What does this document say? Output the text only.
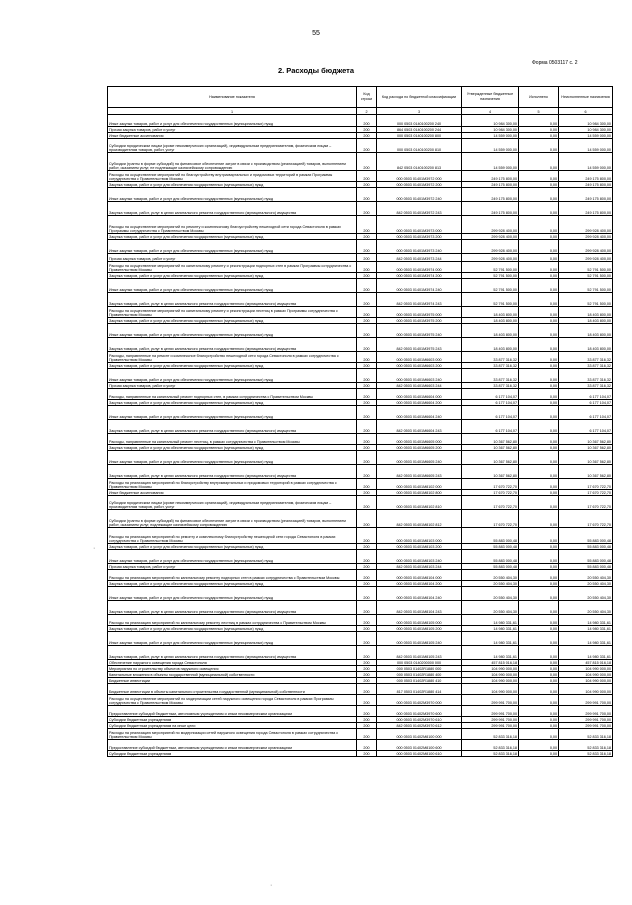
55
Форма 0503117 с. 2
2. Расходы бюджета
·
·
Наименование показателя	Код строки	Код расхода по бюджетной классификации	Утвержденные бюджетные назначения	Исполнено	Неисполненные назначения
1	2	3	4	5	6
Иные закупки товаров, работ и услуг для обеспечения государственных (муниципальных) нужд	200	000 0503 0140100200 240	10 984 300,00	0,00	10 984 300,00
Прочая закупка товаров, работ и услуг	200	864 0503 0140100200 244	10 984 300,00	0,00	10 984 300,00
Иные бюджетные ассигнования	200	000 0503 0140100200 800	14 559 000,00	0,00	14 559 000,00
Субсидии юридическим лицам (кроме некоммерческих организаций), индивидуальным предпринимателям, физическим лицам – производителям товаров, работ, услуг	200	000 0503 0140100200 810	14 559 000,00	0,00	14 559 000,00
Субсидии (гранты в форме субсидий) на финансовое обеспечение затрат в связи с производством (реализацией) товаров, выполнением работ, оказанием услуг, не подлежащие казначейскому сопровождению	200	842 0503 0140100200 813	14 559 000,00	0,00	14 559 000,00
Расходы на осуществление мероприятий по благоустройству внутриквартальных и придомовых территорий в рамках Программы сотрудничества с Правительством Москвы	200	000 0503 01401M3972 000	249 175 800,00	0,00	249 175 800,00
Закупка товаров, работ и услуг для обеспечения государственных (муниципальных) нужд	200	000 0503 01401M3972 200	249 175 800,00	0,00	249 175 800,00
Иные закупки товаров, работ и услуг для обеспечения государственных (муниципальных) нужд	200	000 0503 01401M3972 240	249 175 800,00	0,00	249 175 800,00
Закупка товаров, работ, услуг в целях капитального ремонта государственного (муниципального) имущества	200	842 0503 01401M3972 243	249 175 800,00	0,00	249 175 800,00
Расходы на осуществление мероприятий по ремонту и комплексному благоустройству пешеходной сети города Севастополя в рамках Программы сотрудничества с Правительством Москвы	200	000 0503 01401M3973 000	299 928 400,00	0,00	299 928 400,00
Закупка товаров, работ и услуг для обеспечения государственных (муниципальных) нужд	200	000 0503 01401M3973 200	299 928 400,00	0,00	299 928 400,00
Иные закупки товаров, работ и услуг для обеспечения государственных (муниципальных) нужд	200	000 0503 01401M3973 240	299 928 400,00	0,00	299 928 400,00
Прочая закупка товаров, работ и услуг	200	842 0503 01401M3973 244	299 928 400,00	0,00	299 928 400,00
Расходы на осуществление мероприятий по капитальному ремонту и реконструкции подпорных стен в рамках Программы сотрудничества с Правительством Москвы	200	000 0503 01401M3974 000	52 791 500,00	0,00	52 791 500,00
Закупка товаров, работ и услуг для обеспечения государственных (муниципальных) нужд	200	000 0503 01401M3974 200	52 791 500,00	0,00	52 791 500,00
Иные закупки товаров, работ и услуг для обеспечения государственных (муниципальных) нужд	200	000 0503 01401M3974 240	52 791 500,00	0,00	52 791 500,00
Закупка товаров, работ, услуг в целях капитального ремонта государственного (муниципального) имущества	200	842 0503 01401M3974 243	52 791 500,00	0,00	52 791 500,00
Расходы на осуществление мероприятий по капитальному ремонту и реконструкции лестниц в рамках Программы сотрудничества с Правительством Москвы	200	000 0503 01401M3975 000	18 403 800,00	0,00	18 403 800,00
Закупка товаров, работ и услуг для обеспечения государственных (муниципальных) нужд	200	000 0503 01401M3975 200	18 403 800,00	0,00	18 403 800,00
Иные закупки товаров, работ и услуг для обеспечения государственных (муниципальных) нужд	200	000 0503 01401M3975 240	18 403 800,00	0,00	18 403 800,00
Закупка товаров, работ, услуг в целях капитального ремонта государственного (муниципального) имущества	200	842 0503 01401M3975 243	18 403 800,00	0,00	18 403 800,00
Расходы, направленные на ремонт и комплексное благоустройство пешеходной сети города Севастополя в рамках сотрудничества с Правительством Москвы	200	000 0503 01401M6603 000	33 877 316,32	0,00	33 877 316,32
Закупка товаров, работ и услуг для обеспечения государственных (муниципальных) нужд	200	000 0503 01401M6603 200	33 877 316,32	0,00	33 877 316,32
Иные закупки товаров, работ и услуг для обеспечения государственных (муниципальных) нужд	200	000 0503 01401M6603 240	33 877 316,32	0,00	33 877 316,32
Прочая закупка товаров, работ и услуг	200	842 0503 01401M6603 244	33 877 316,32	0,00	33 877 316,32
Расходы, направленные на капитальный ремонт подпорных стен, в рамках сотрудничества с Правительством Москвы	200	000 0503 01401M6604 000	6 177 104,07	0,00	6 177 104,07
Закупка товаров, работ и услуг для обеспечения государственных (муниципальных) нужд	200	000 0503 01401M6604 200	6 177 104,07	0,00	6 177 104,07
Иные закупки товаров, работ и услуг для обеспечения государственных (муниципальных) нужд	200	000 0503 01401M6604 240	6 177 104,07	0,00	6 177 104,07
Закупка товаров, работ, услуг в целях капитального ремонта государственного (муниципального) имущества	200	842 0503 01401M6604 243	6 177 104,07	0,00	6 177 104,07
Расходы, направленные на капитальный ремонт лестниц, в рамках сотрудничества с Правительством Москвы	200	000 0503 01401M6605 000	10 367 562,80	0,00	10 367 562,80
Закупка товаров, работ и услуг для обеспечения государственных (муниципальных) нужд	200	000 0503 01401M6605 200	10 367 562,80	0,00	10 367 562,80
Иные закупки товаров, работ и услуг для обеспечения государственных (муниципальных) нужд	200	000 0503 01401M6605 240	10 367 562,80	0,00	10 367 562,80
Закупка товаров, работ, услуг в целях капитального ремонта государственного (муниципального) имущества	200	842 0503 01401M6605 243	10 367 562,80	0,00	10 367 562,80
Расходы на реализацию мероприятий по благоустройству внутриквартальных и придомовых территорий в рамках сотрудничества с Правительством Москвы	200	000 0503 01401M8102 000	17 670 722,70	0,00	17 670 722,70
Иные бюджетные ассигнования	200	000 0503 01401M8102 800	17 670 722,70	0,00	17 670 722,70
Субсидии юридическим лицам (кроме некоммерческих организаций), индивидуальным предпринимателям, физическим лицам – производителям товаров, работ, услуг	200	000 0503 01401M8102 810	17 670 722,70	0,00	17 670 722,70
Субсидии (гранты в форме субсидий) на финансовое обеспечение затрат в связи с производством (реализацией) товаров, выполнением работ, оказанием услуг, подлежащие казначейскому сопровождению	200	842 0503 01401M8102 812	17 670 722,70	0,00	17 670 722,70
Расходы на реализацию мероприятий по ремонту и комплексному благоустройству пешеходной сети города Севастополя в рамках сотрудничества с Правительством Москвы	200	000 0503 01401M8103 000	55 883 000,48	0,00	55 883 000,48
Закупка товаров, работ и услуг для обеспечения государственных (муниципальных) нужд	200	000 0503 01401M8103 200	55 883 000,48	0,00	55 883 000,48
Иные закупки товаров, работ и услуг для обеспечения государственных (муниципальных) нужд	200	000 0503 01401M8103 240	55 883 000,48	0,00	55 883 000,48
Прочая закупка товаров, работ и услуг	200	842 0503 01401M8103 244	55 883 000,48	0,00	55 883 000,48
Расходы на реализацию мероприятий по капитальному ремонту подпорных стен в рамках сотрудничества с Правительством Москвы	200	000 0503 01401M8104 000	20 550 404,30	0,00	20 550 404,30
Закупка товаров, работ и услуг для обеспечения государственных (муниципальных) нужд	200	000 0503 01401M8104 200	20 550 404,30	0,00	20 550 404,30
Иные закупки товаров, работ и услуг для обеспечения государственных (муниципальных) нужд	200	000 0503 01401M8104 240	20 550 404,30	0,00	20 550 404,30
Закупка товаров, работ, услуг в целях капитального ремонта государственного (муниципального) имущества	200	842 0503 01401M8104 243	20 550 404,30	0,00	20 550 404,30
Расходы на реализацию мероприятий по капитальному ремонту лестниц в рамках сотрудничества с Правительством Москвы	200	000 0503 01401M8105 000	14 980 331,61	0,00	14 980 331,61
Закупка товаров, работ и услуг для обеспечения государственных (муниципальных) нужд	200	000 0503 01401M8105 200	14 980 331,61	0,00	14 980 331,61
Иные закупки товаров, работ и услуг для обеспечения государственных (муниципальных) нужд	200	000 0503 01401M8105 240	14 980 331,61	0,00	14 980 331,61
Закупка товаров, работ, услуг в целях капитального ремонта государственного (муниципального) имущества	200	842 0503 01401M8105 243	14 980 331,61	0,00	14 980 331,61
Обеспечение наружного освещения города Севастополя	200	000 0503 0140200000 000	457 815 016,18	0,00	457 815 016,18
Мероприятия по строительству объектов наружного освещения	200	000 0503 01402R1880 000	104 990 000,00	0,00	104 990 000,00
Капитальные вложения в объекты государственной (муниципальной) собственности	200	000 0503 01402R1880 400	104 990 000,00	0,00	104 990 000,00
Бюджетные инвестиции	200	000 0503 01402R1880 410	104 990 000,00	0,00	104 990 000,00
Бюджетные инвестиции в объекты капитального строительства государственной (муниципальной) собственности	200	817 0503 01402R1880 414	104 990 000,00	0,00	104 990 000,00
Расходы на осуществление мероприятий по модернизации сетей наружного освещения города Севастополя в рамках Программы сотрудничества с Правительством Москвы	200	000 0503 01402M3970 000	299 991 700,00	0,00	299 991 700,00
Предоставление субсидий бюджетным, автономным учреждениям и иным некоммерческим организациям	200	000 0503 01402M3970 600	299 991 700,00	0,00	299 991 700,00
Субсидии бюджетным учреждениям	200	000 0503 01402M3970 610	299 991 700,00	0,00	299 991 700,00
Субсидии бюджетным учреждениям на иные цели	200	842 0503 01402M3970 612	299 991 700,00	0,00	299 991 700,00
Расходы на реализацию мероприятий по модернизации сетей наружного освещения города Севастополя в рамках сотрудничества с Правительством Москвы	200	000 0503 01402M8100 000	52 833 316,18	0,00	52 833 316,18
Предоставление субсидий бюджетным, автономным учреждениям и иным некоммерческим организациям	200	000 0503 01402M8100 600	52 833 316,18	0,00	52 833 316,18
Субсидии бюджетным учреждениям	200	000 0503 01402M8100 610	52 833 316,18	0,00	52 833 316,18
